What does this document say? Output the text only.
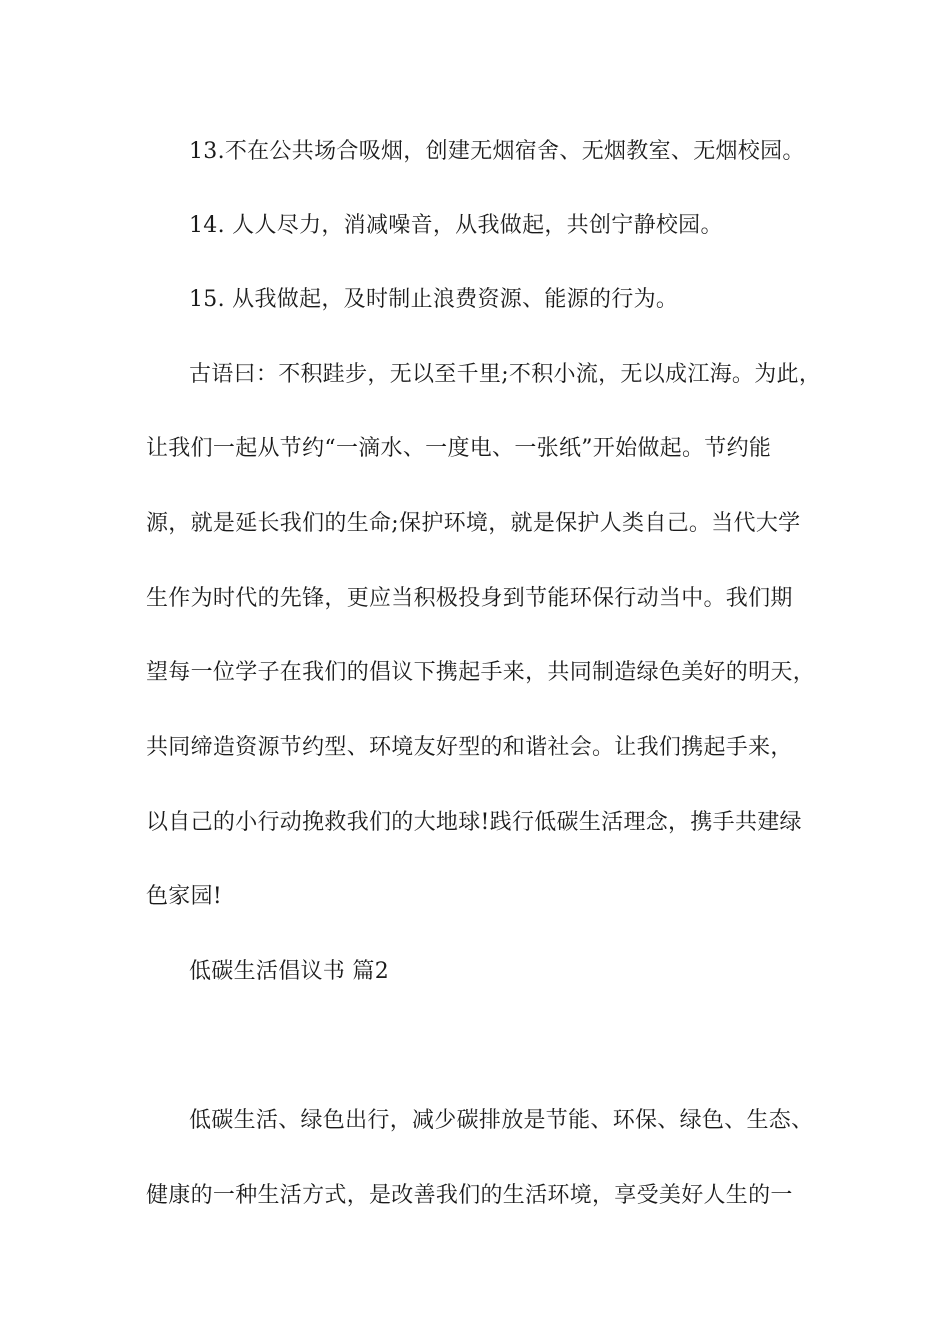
13.不在公共场合吸烟，创建无烟宿舍、无烟教室、无烟校园。
14. 人人尽力，消减噪音，从我做起，共创宁静校园。
15. 从我做起，及时制止浪费资源、能源的行为。
古语曰：不积跬步，无以至千里;不积小流，无以成江海。为此，
让我们一起从节约“一滴水、一度电、一张纸”开始做起。节约能
源，就是延长我们的生命;保护环境，就是保护人类自己。当代大学
生作为时代的先锋，更应当积极投身到节能环保行动当中。我们期
望每一位学子在我们的倡议下携起手来，共同制造绿色美好的明天，
共同缔造资源节约型、环境友好型的和谐社会。让我们携起手来，
以自己的小行动挽救我们的大地球!践行低碳生活理念，携手共建绿
色家园!
低碳生活倡议书 篇2
低碳生活、绿色出行，减少碳排放是节能、环保、绿色、生态、
健康的一种生活方式，是改善我们的生活环境，享受美好人生的一
